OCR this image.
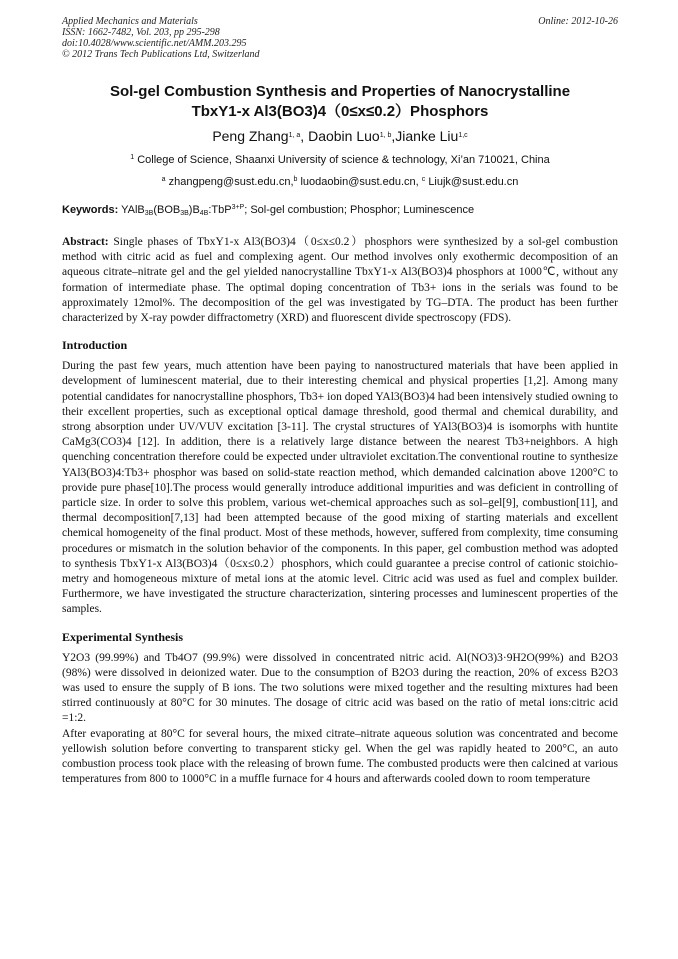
Applied Mechanics and Materials
ISSN: 1662-7482, Vol. 203, pp 295-298
doi:10.4028/www.scientific.net/AMM.203.295
© 2012 Trans Tech Publications Ltd, Switzerland
Online: 2012-10-26
Sol-gel Combustion Synthesis and Properties of Nanocrystalline
TbxY1-x Al3(BO3)4（0≤x≤0.2）Phosphors
Peng Zhang$^{1, a}$, Daobin Luo$^{1, b}$,Jianke Liu$^{1,c}$
$^1$ College of Science, Shaanxi University of science & technology, Xi’an 710021, China
$^a$ zhangpeng@sust.edu.cn,$^b$ luodaobin@sust.edu.cn, $^c$ Liujk@sust.edu.cn
Keywords: $YAlB_{3B}(BOB_{3B})B_{4B}:TbP^{3+P}$; Sol-gel combustion; Phosphor; Luminescence

Abstract: Single phases of TbxY1-x Al3(BO3)4（0≤x≤0.2）phosphors were synthesized by a sol-gel combustion method with citric acid as fuel and complexing agent. Our method involves only exothermic decomposition of an aqueous citrate–nitrate gel and the gel yielded nanocrystalline TbxY1-x Al3(BO3)4 phosphors at 1000℃, without any formation of intermediate phase. The optimal doping concentration of Tb3+ ions in the serials was found to be approximately 12mol%. The decomposition of the gel was investigated by TG–DTA. The product has been further characterized by X-ray powder diffractometry (XRD) and fluorescent divide spectroscopy (FDS).

Introduction

During the past few years, much attention have been paying to nanostructured materials that have been applied in development of luminescent material, due to their interesting chemical and physical properties [1,2]. Among many potential candidates for nanocrystalline phosphors, Tb3+ ion doped YAl3(BO3)4 had been intensively studied owning to their excellent properties, such as exceptional optical damage threshold, good thermal and chemical durability, and strong absorption under UV/VUV excitation [3-11]. The crystal structures of YAl3(BO3)4 is isomorphs with huntite CaMg3(CO3)4 [12]. In addition, there is a relatively large distance between the nearest Tb3+neighbors. A high quenching concentration therefore could be expected under ultraviolet excitation.The conventional routine to synthesize YAl3(BO3)4:Tb3+ phosphor was based on solid-state reaction method, which demanded calcination above 1200°C to provide pure phase[10].The process would generally introduce additional impurities and was deficient in controlling of particle size. In order to solve this problem, various wet-chemical approaches such as sol–gel[9], combustion[11], and thermal decomposition[7,13] had been attempted because of the good mixing of starting materials and excellent chemical homogeneity of the final product. Most of these methods, however, suffered from complexity, time consuming procedures or mismatch in the solution behavior of the components. In this paper, gel combustion method was adopted to synthesis TbxY1-x Al3(BO3)4（0≤x≤0.2）phosphors, which could guarantee a precise control of cationic stoichio- metry and homogeneous mixture of metal ions at the atomic level. Citric acid was used as fuel and complex builder. Furthermore, we have investigated the structure characterization, sintering processes and luminescent properties of the samples.

Experimental Synthesis

Y2O3 (99.99%) and Tb4O7 (99.9%) were dissolved in concentrated nitric acid. Al(NO3)3·9H2O(99%) and B2O3 (98%) were dissolved in deionized water. Due to the consumption of B2O3 during the reaction, 20% of excess B2O3 was used to ensure the supply of B ions. The two solutions were mixed together and the resulting mixtures had been stirred continuously at 80°C for 30 minutes. The dosage of citric acid was based on the ratio of metal ions:citric acid =1:2.

After evaporating at 80°C for several hours, the mixed citrate–nitrate aqueous solution was concentrated and become yellowish solution before converting to transparent sticky gel. When the gel was rapidly heated to 200°C, an auto combustion process took place with the releasing of brown fume. The combusted products were then calcined at various temperatures from 800 to 1000°C in a muffle furnace for 4 hours and afterwards cooled down to room temperature
